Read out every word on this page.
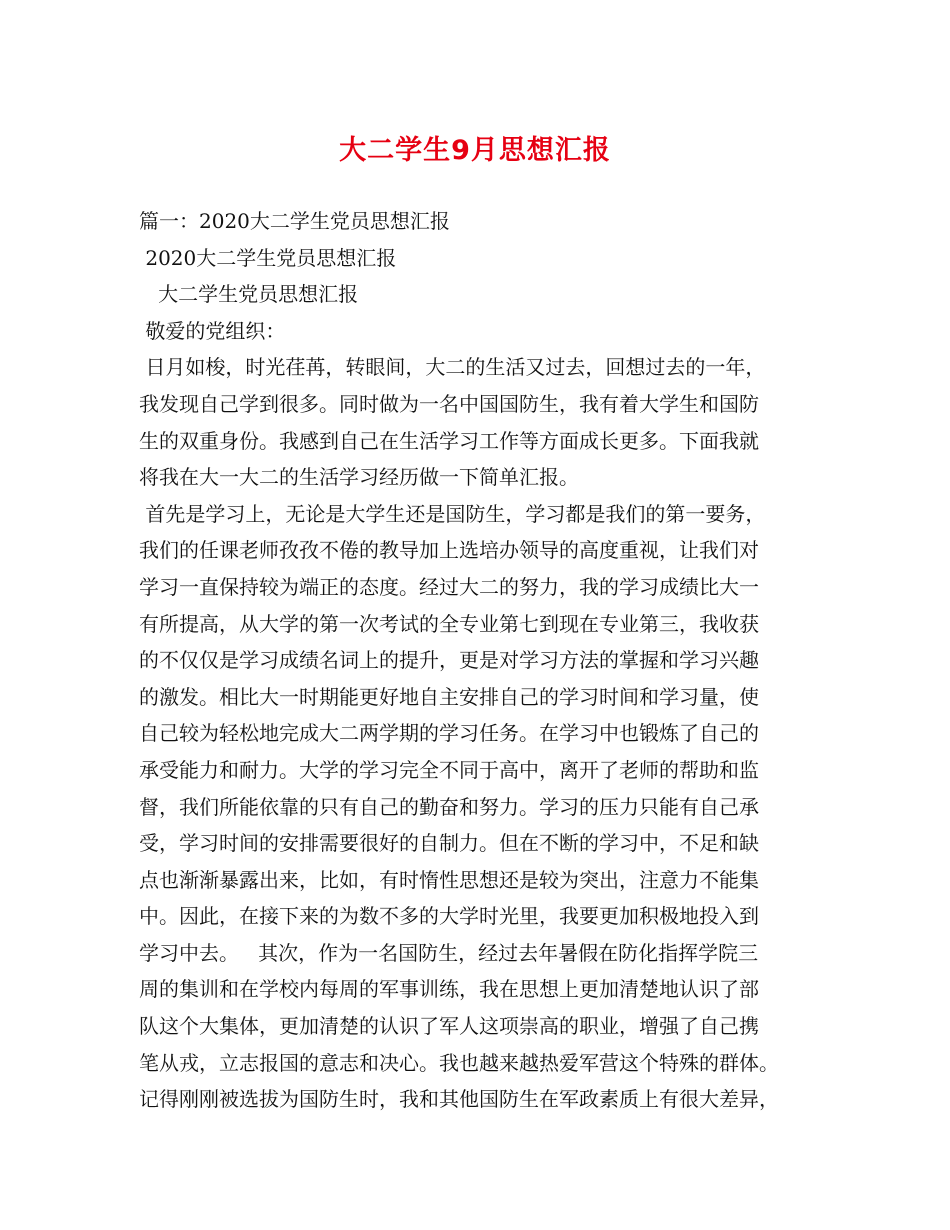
大二学生9月思想汇报
篇一：2020大二学生党员思想汇报
2020大二学生党员思想汇报
大二学生党员思想汇报
敬爱的党组织：
日月如梭，时光荏苒，转眼间，大二的生活又过去，回想过去的一年，
我发现自己学到很多。同时做为一名中国国防生，我有着大学生和国防
生的双重身份。我感到自己在生活学习工作等方面成长更多。下面我就
将我在大一大二的生活学习经历做一下简单汇报。
首先是学习上，无论是大学生还是国防生，学习都是我们的第一要务，
我们的任课老师孜孜不倦的教导加上选培办领导的高度重视，让我们对
学习一直保持较为端正的态度。经过大二的努力，我的学习成绩比大一
有所提高，从大学的第一次考试的全专业第七到现在专业第三，我收获
的不仅仅是学习成绩名词上的提升，更是对学习方法的掌握和学习兴趣
的激发。相比大一时期能更好地自主安排自己的学习时间和学习量，使
自己较为轻松地完成大二两学期的学习任务。在学习中也锻炼了自己的
承受能力和耐力。大学的学习完全不同于高中，离开了老师的帮助和监
督，我们所能依靠的只有自己的勤奋和努力。学习的压力只能有自己承
受，学习时间的安排需要很好的自制力。但在不断的学习中，不足和缺
点也渐渐暴露出来，比如，有时惰性思想还是较为突出，注意力不能集
中。因此，在接下来的为数不多的大学时光里，我要更加积极地投入到
学习中去。   其次，作为一名国防生，经过去年暑假在防化指挥学院三
周的集训和在学校内每周的军事训练，我在思想上更加清楚地认识了部
队这个大集体，更加清楚的认识了军人这项崇高的职业，增强了自己携
笔从戎，立志报国的意志和决心。我也越来越热爱军营这个特殊的群体。
记得刚刚被选拔为国防生时，我和其他国防生在军政素质上有很大差异，
